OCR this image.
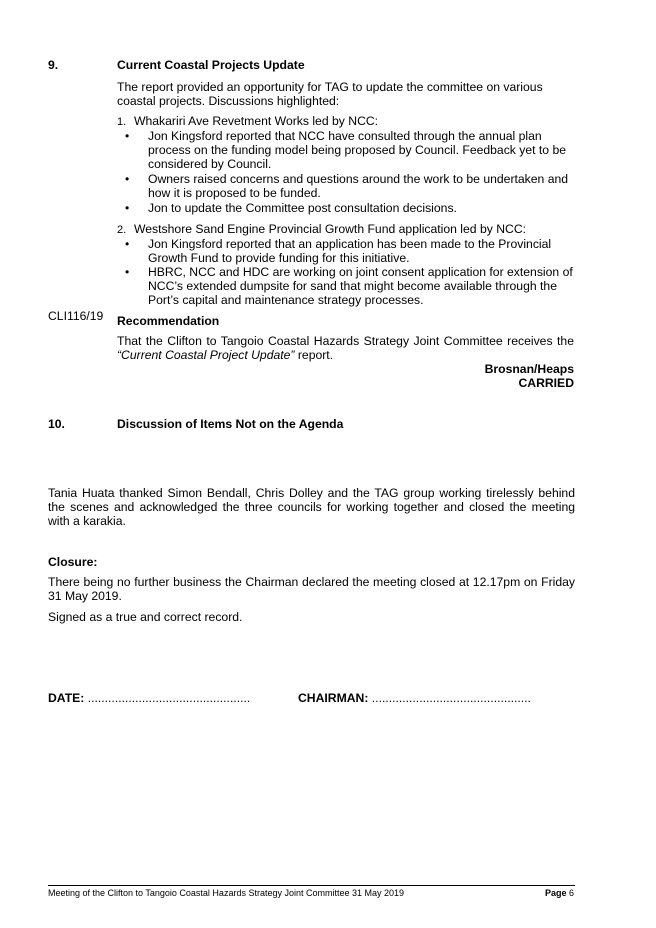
9.	Current Coastal Projects Update
The report provided an opportunity for TAG to update the committee on various coastal projects. Discussions highlighted:
1. Whakariri Ave Revetment Works led by NCC:
• Jon Kingsford reported that NCC have consulted through the annual plan process on the funding model being proposed by Council. Feedback yet to be considered by Council.
• Owners raised concerns and questions around the work to be undertaken and how it is proposed to be funded.
• Jon to update the Committee post consultation decisions.
2. Westshore Sand Engine Provincial Growth Fund application led by NCC:
• Jon Kingsford reported that an application has been made to the Provincial Growth Fund to provide funding for this initiative.
• HBRC, NCC and HDC are working on joint consent application for extension of NCC’s extended dumpsite for sand that might become available through the Port’s capital and maintenance strategy processes.
CLI116/19 Recommendation
That the Clifton to Tangoio Coastal Hazards Strategy Joint Committee receives the
“Current Coastal Project Update” report.
Brosnan/Heaps
CARRIED
10.	Discussion of Items Not on the Agenda
Tania Huata thanked Simon Bendall, Chris Dolley and the TAG group working tirelessly behind the scenes and acknowledged the three councils for working together and closed the meeting with a karakia.
Closure:
There being no further business the Chairman declared the meeting closed at 12.17pm on Friday 31 May 2019.
Signed as a true and correct record.
DATE: ................................................	CHAIRMAN: ...............................................
Meeting of the Clifton to Tangoio Coastal Hazards Strategy Joint Committee 31 May 2019	Page 6
